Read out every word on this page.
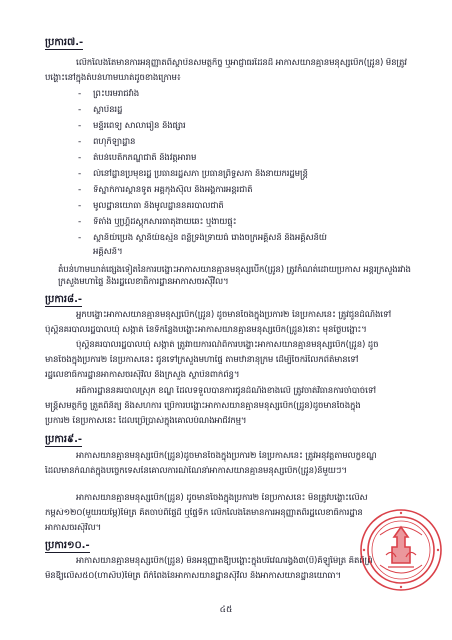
ប្រការ៧.-
លើកលែងតែមានការអនុញ្ញាតពីស្ថាប័នសមត្ថកិច្ច ឬអាជ្ញាធរដែនដី អាកាសយានគ្មានមនុស្សបើក(ដ្រូន) មិនត្រូវ
បង្ហោះនៅក្នុងតំបន់ហាមឃាត់ដូចខាងក្រោម៖
- ព្រះបរមរាជវាំង
- ស្ថាប័នរដ្ឋ
- មន្ទីរពេទ្យ សាលារៀន និងផ្សារ
- ពហុកីឡាដ្ឋាន
- តំបន់បេតិកភណ្ឌជាតិ និងវត្តអារាម
- លំនៅដ្ឋានប្រមុខរដ្ឋ ប្រធានរដ្ឋសភា ប្រធានព្រឹទ្ធសភា និងនាយករដ្ឋមន្ត្រី
- ទីស្នាក់ការស្ថានទូត អគ្គកុងស៊ុល និងអង្គការអន្តរជាតិ
- មូលដ្ឋានយោធា និងមូលដ្ឋាននគរបាលជាតិ
- ទីតាំង ឬហ្គ្រីដស្តុកសារធាតុងាយឆេះ ឬងាយផ្ទុះ
- ស្ថានីយ៍ប្រេង ស្ថានីយ៍ឧស្ម័ន ពន្លឺទ្រង់ទ្រាយធំ រោងចក្រអគ្គិសនី និងអគ្គិសនីយ៍
អគ្គិសនី។
តំបន់ហាមឃាត់ផ្សេងទៀតនៃការបង្ហោះអាកាសយានគ្មានមនុស្សបើក(ដ្រូន) ត្រូវកំណត់ដោយប្រកាស អន្តរក្រសួងរវាងក្រសួងមហាផ្ទៃ និងរដ្ឋលេខាធិការដ្ឋានអាកាសចរស៊ីវិល។
ប្រការ៨.-
អ្នកបង្ហោះអាកាសយានគ្មានមនុស្សបើក(ដ្រូន) ដូចមានចែងក្នុងប្រការ២ នៃប្រកាសនេះ ត្រូវជូនដំណឹងទៅ
ប៉ុស្តិ៍នគរបាលរដ្ឋបាលឃុំ សង្កាត់ នៃទីកន្លែងបង្ហោះអាកាសយានគ្មានមនុស្សបើក(ដ្រូន)នោះ មុនថ្ងៃបង្ហោះ។
ប៉ុស្តិ៍នគរបាលរដ្ឋបាលឃុំ សង្កាត់ ត្រូវរាយការណ៍ពីការបង្ហោះអាកាសយានគ្មានមនុស្សបើក(ដ្រូន) ដូច
មានចែងក្នុងប្រការ២ នៃប្រកាសនេះ ជូនទៅក្រសួងមហាផ្ទៃ តាមឋានានុក្រម ដើម្បីចែករំលែកព័ត៌មានទៅ
រដ្ឋលេខាធិការដ្ឋានអាកាសចរស៊ីវិល និងក្រសួង ស្ថាប័នពាក់ព័ន្ធ។
អធិការដ្ឋាននគរបាលស្រុក ខណ្ឌ ដែលទទួលបានការជូនដំណឹងខាងលើ ត្រូវចាត់វិធានការចាំបាច់ទៅ
មន្ត្រីសមត្ថកិច្ច ត្រួតពិនិត្យ និងសហការ ប្រើការបង្ហោះអាកាសយានគ្មានមនុស្សបើក(ដ្រូន)ដូចមានចែងក្នុង
ប្រការ២ នៃប្រកាសនេះ ដែលប្រើប្រាស់ក្នុងគោលបំណងអាជីវកម្ម។
ប្រការ៩.-
អាកាសយានគ្មានមនុស្សបើក(ដ្រូន)ដូចមានចែងក្នុងប្រការ២ នៃប្រកាសនេះ ត្រូវអនុវត្តតាមលក្ខខណ្ឌ
ដែលមានកំណត់ក្នុងបច្ចេកទេសនៃគោលការណ៍ណែនាំអាកាសយានគ្មានមនុស្សបើក(ដ្រូន)និមួយៗ។
អាកាសយានគ្មានមនុស្សបើក(ដ្រូន) ដូចមានចែងក្នុងប្រការ២ នៃប្រកាសនេះ មិនត្រូវបង្ហោះលើស
កម្ពស់១២០(មួយរយម្ភៃ)ម៉ែត្រ គិតចាប់ពីផ្ទៃដី ឬផ្ទៃទឹក លើកលែងតែមានការអនុញ្ញាតពីរដ្ឋលេខាធិការដ្ឋាន
អាកាសចរស៊ីវិល។
ប្រការ១០.-
អាកាសយានគ្មានមនុស្សបើក(ដ្រូន) មិនអនុញ្ញាតឱ្យបង្ហោះក្នុងបរិវេណរង្វង់៣(បី)គីឡូម៉ែត្រ គិតពីព្រំ
មិនឱ្យលើស៥០(ហាសិប)ម៉ែត្រ ពីកំពែងនៃអាកាសយានដ្ឋានស៊ីវិល និងអាកាសយានដ្ឋានយោធា។
៤៥
